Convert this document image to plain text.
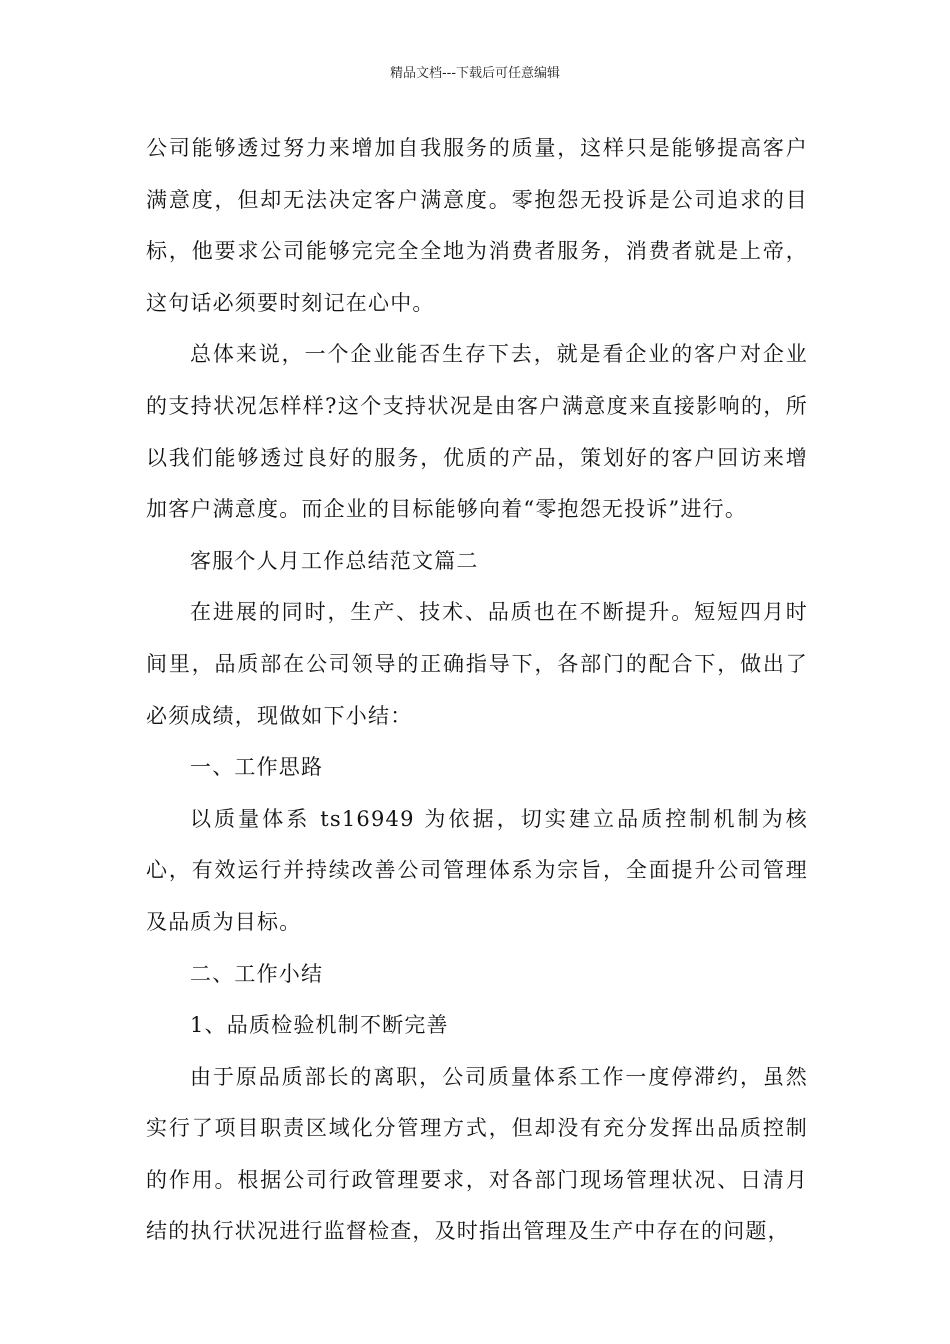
精品文档---下载后可任意编辑

公司能够透过努力来增加自我服务的质量，这样只是能够提高客户满意度，但却无法决定客户满意度。零抱怨无投诉是公司追求的目标，他要求公司能够完完全全地为消费者服务，消费者就是上帝，这句话必须要时刻记在心中。

总体来说，一个企业能否生存下去，就是看企业的客户对企业的支持状况怎样样?这个支持状况是由客户满意度来直接影响的，所以我们能够透过良好的服务，优质的产品，策划好的客户回访来增加客户满意度。而企业的目标能够向着“零抱怨无投诉”进行。

客服个人月工作总结范文篇二

在进展的同时，生产、技术、品质也在不断提升。短短四月时间里，品质部在公司领导的正确指导下，各部门的配合下，做出了必须成绩，现做如下小结：

一、工作思路

以质量体系 ts16949 为依据，切实建立品质控制机制为核心，有效运行并持续改善公司管理体系为宗旨，全面提升公司管理及品质为目标。

二、工作小结

1、品质检验机制不断完善

由于原品质部长的离职，公司质量体系工作一度停滞约，虽然实行了项目职责区域化分管理方式，但却没有充分发挥出品质控制的作用。根据公司行政管理要求，对各部门现场管理状况、日清月结的执行状况进行监督检查，及时指出管理及生产中存在的问题，
